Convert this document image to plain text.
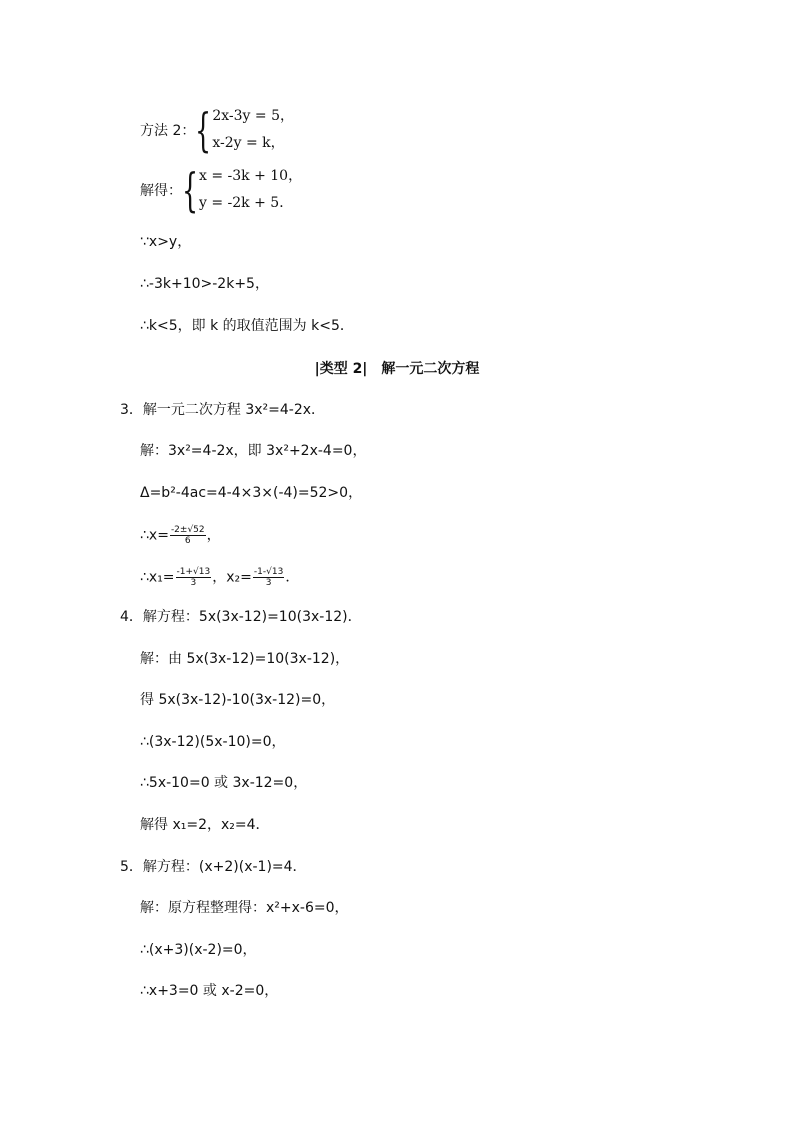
方法 2： { 2x-3y = 5，
x-2y = k，
解得： { x = -3k + 10，
y = -2k + 5．
∵x>y，
∴-3k+10>-2k+5，
∴k<5，即 k 的取值范围为 k<5．
|类型 2|　解一元二次方程
3．解一元二次方程 3x²=4-2x．
解：3x²=4-2x，即 3x²+2x-4=0，
Δ=b²-4ac=4-4×3×(-4)=52>0，
∴x= $\frac{-2\pm√52}{6}$ ，
∴x₁= $\frac{-1+√13}{3}$ ，$x_2= \frac{-1-√13}{3}$ ．
4．解方程：5x(3x-12)=10(3x-12)．
解：由 5x(3x-12)=10(3x-12)，
得 5x(3x-12)-10(3x-12)=0，
∴(3x-12)(5x-10)=0，
∴5x-10=0 或 3x-12=0，
解得 x₁=2，x₂=4．
5．解方程：(x+2)(x-1)=4．
解：原方程整理得：x²+x-6=0，
∴(x+3)(x-2)=0，
∴x+3=0 或 x-2=0，
